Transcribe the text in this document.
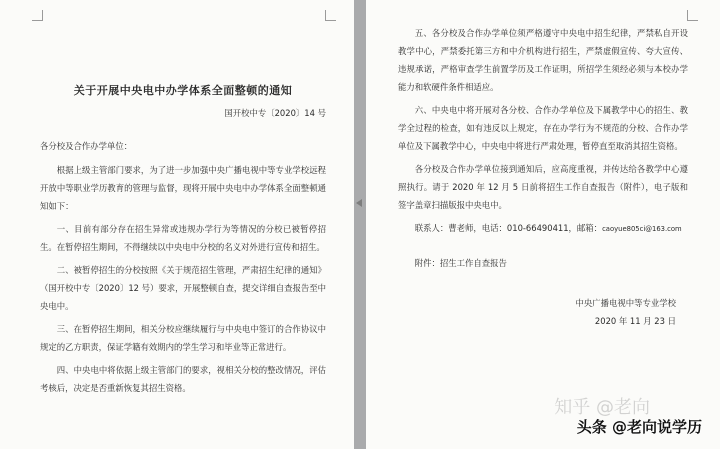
关于开展中央电中办学体系全面整顿的通知

国开校中专〔2020〕14 号

各分校及合作办学单位：

根据上级主管部门要求，为了进一步加强中央广播电视中等专业学校远程开放中等职业学历教育的管理与监督，现将开展中央电中办学体系全面整顿通知如下：

一、目前有部分存在招生异常或违规办学行为等情况的分校已被暂停招生。在暂停招生期间，不得继续以中央电中分校的名义对外进行宣传和招生。

二、被暂停招生的分校按照《关于规范招生管理，严肃招生纪律的通知》（国开校中专〔2020〕12 号）要求，开展整顿自查，提交详细自查报告至中央电中。

三、在暂停招生期间，相关分校应继续履行与中央电中签订的合作协议中规定的乙方职责，保证学籍有效期内的学生学习和毕业等正常进行。

四、中央电中将依据上级主管部门的要求，视相关分校的整改情况，评估考核后，决定是否重新恢复其招生资格。

五、各分校及合作办学单位须严格遵守中央电中招生纪律，严禁私自开设教学中心，严禁委托第三方和中介机构进行招生，严禁虚假宣传、夸大宣传、违规承诺，严格审查学生前置学历及工作证明，所招学生须经必须与本校办学能力和软硬件条件相适应。

六、中央电中将开展对各分校、合作办学单位及下属教学中心的招生、教学全过程的检查，如有违反以上规定，存在办学行为不规范的分校、合作办学单位及下属教学中心，中央电中将进行严肃处理，暂停直至取消其招生资格。

各分校及合作办学单位接到通知后，应高度重视，并传达给各教学中心遵照执行。请于 2020 年 12 月 5 日前将招生工作自查报告（附件），电子版和签字盖章扫描版报中央电中。

联系人：曹老师，电话：010-66490411，邮箱：caoyue805ci@163.com

附件：招生工作自查报告

中央广播电视中等专业学校

2020 年 11 月 23 日

知乎 @老向
头条 @老向说学历
